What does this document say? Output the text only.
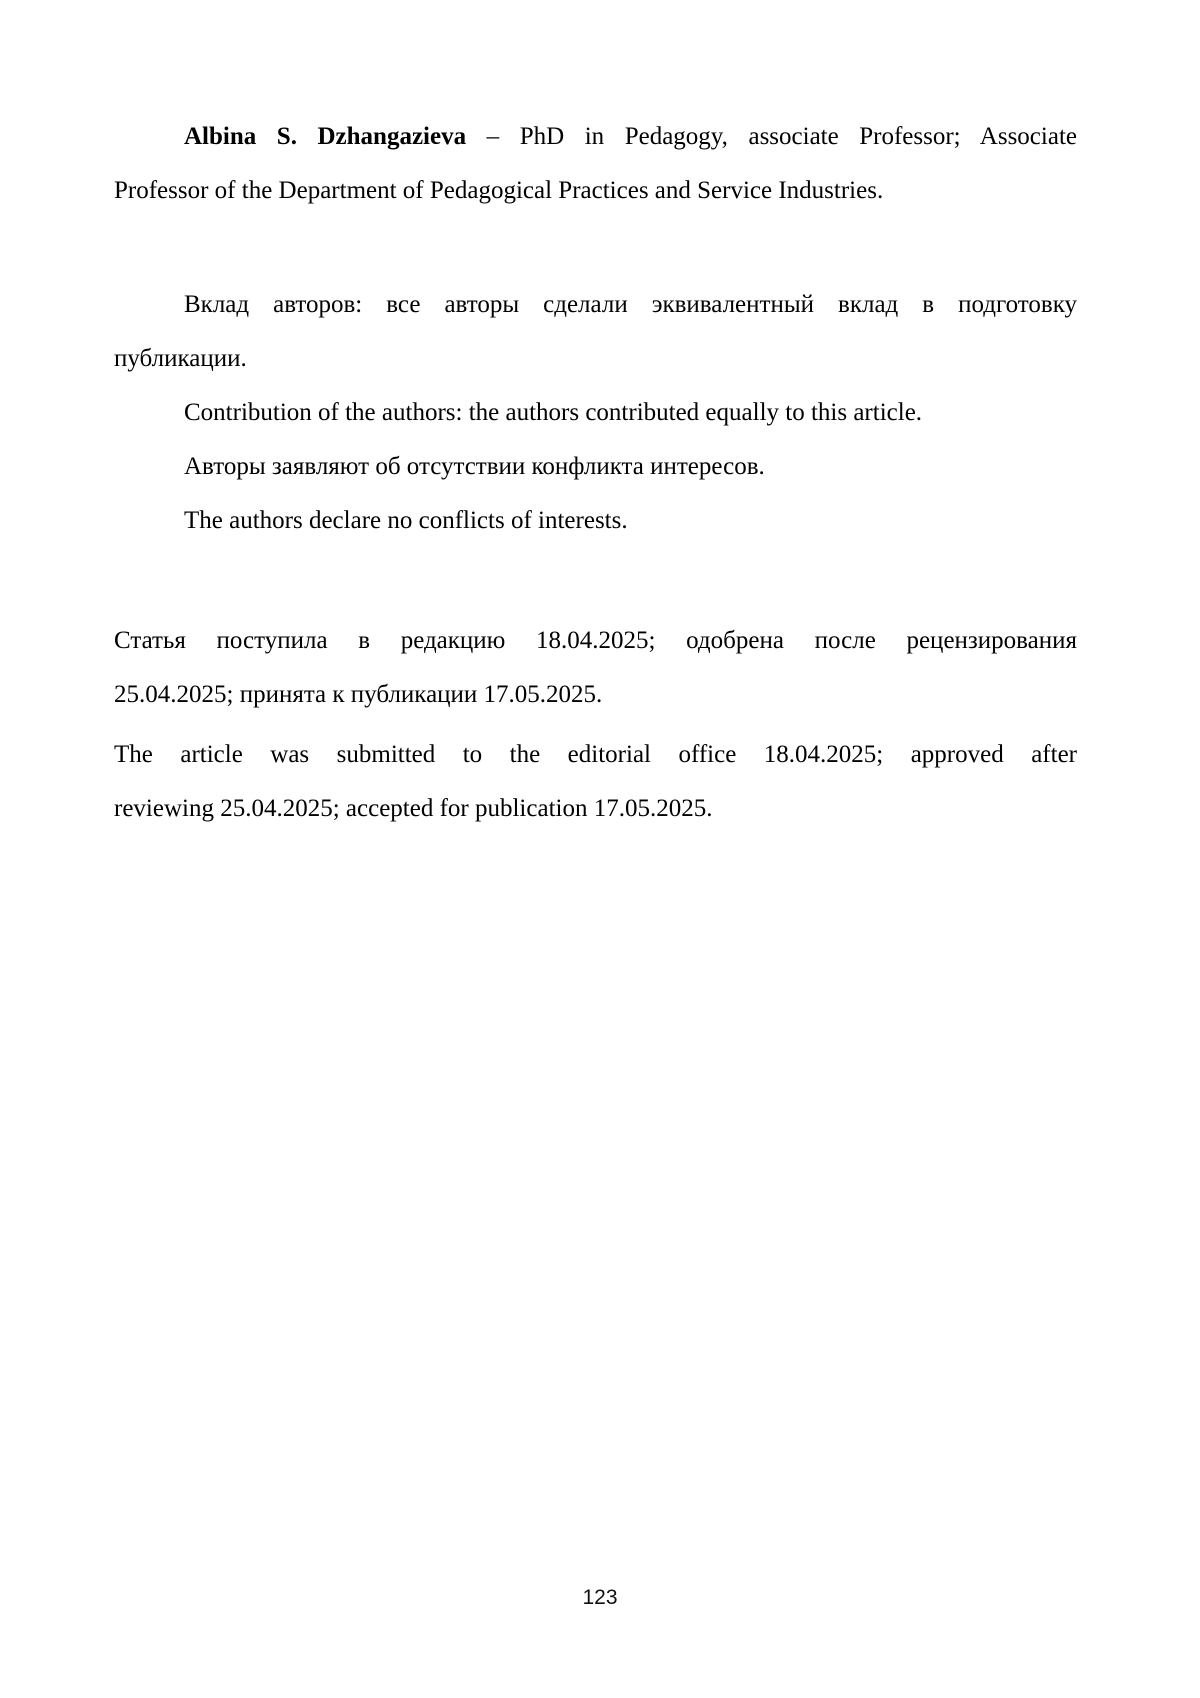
Albina S. Dzhangazieva – PhD in Pedagogy, associate Professor; Associate
Professor of the Department of Pedagogical Practices and Service Industries.
Вклад авторов: все авторы сделали эквивалентный вклад в подготовку
публикации.
Contribution of the authors: the authors contributed equally to this article.
Авторы заявляют об отсутствии конфликта интересов.
The authors declare no conflicts of interests.
Статья поступила в редакцию 18.04.2025; одобрена после рецензирования
25.04.2025; принята к публикации 17.05.2025.
The article was submitted to the editorial office 18.04.2025; approved after
reviewing 25.04.2025; accepted for publication 17.05.2025.
123
